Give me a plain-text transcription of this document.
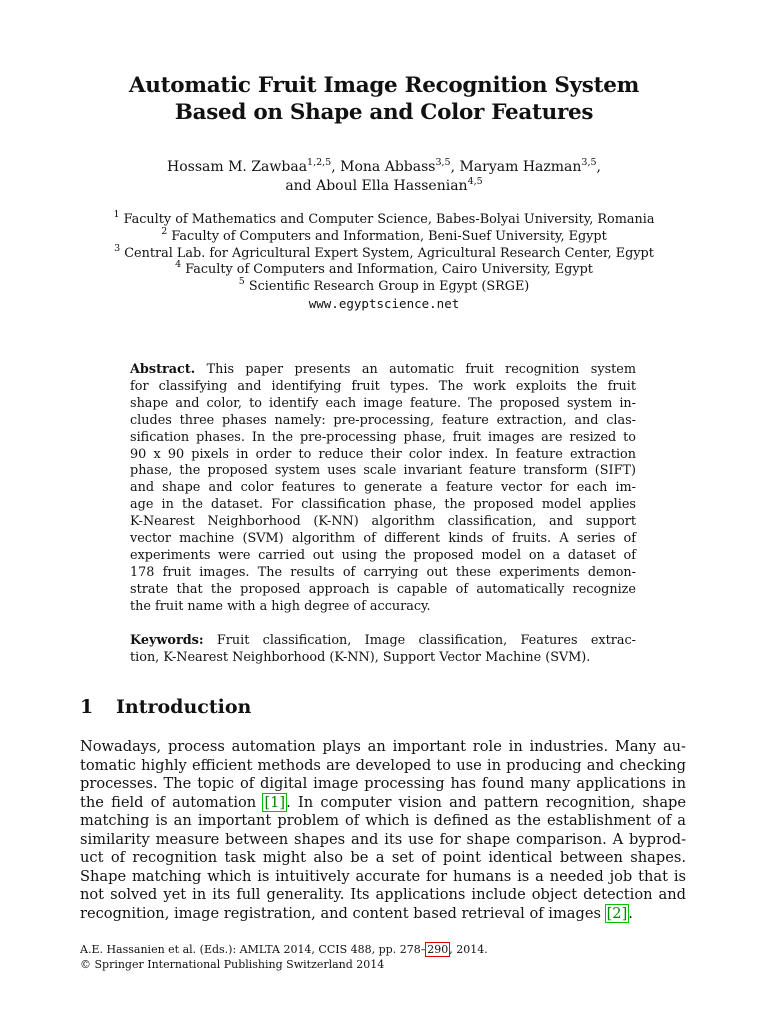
Automatic Fruit Image Recognition System
Based on Shape and Color Features
Hossam M. Zawbaa$^{1,2,5}$, Mona Abbass$^{3,5}$, Maryam Hazman$^{3,5}$,
and Aboul Ella Hassenian$^{4,5}$
$^1$ Faculty of Mathematics and Computer Science, Babes-Bolyai University, Romania
$^2$ Faculty of Computers and Information, Beni-Suef University, Egypt
$^3$ Central Lab. for Agricultural Expert System, Agricultural Research Center, Egypt
$^4$ Faculty of Computers and Information, Cairo University, Egypt
$^5$ Scientific Research Group in Egypt (SRGE)
www.egyptscience.net
Abstract. This paper presents an automatic fruit recognition system
for classifying and identifying fruit types. The work exploits the fruit
shape and color, to identify each image feature. The proposed system in-
cludes three phases namely: pre-processing, feature extraction, and clas-
sification phases. In the pre-processing phase, fruit images are resized to
90 x 90 pixels in order to reduce their color index. In feature extraction
phase, the proposed system uses scale invariant feature transform (SIFT)
and shape and color features to generate a feature vector for each im-
age in the dataset. For classification phase, the proposed model applies
K-Nearest Neighborhood (K-NN) algorithm classification, and support
vector machine (SVM) algorithm of different kinds of fruits. A series of
experiments were carried out using the proposed model on a dataset of
178 fruit images. The results of carrying out these experiments demon-
strate that the proposed approach is capable of automatically recognize
the fruit name with a high degree of accuracy.
Keywords: Fruit classification, Image classification, Features extrac-
tion, K-Nearest Neighborhood (K-NN), Support Vector Machine (SVM).
1 Introduction
Nowadays, process automation plays an important role in industries. Many au-
tomatic highly efficient methods are developed to use in producing and checking
processes. The topic of digital image processing has found many applications in
the field of automation [1]. In computer vision and pattern recognition, shape
matching is an important problem of which is defined as the establishment of a
similarity measure between shapes and its use for shape comparison. A byprod-
uct of recognition task might also be a set of point identical between shapes.
Shape matching which is intuitively accurate for humans is a needed job that is
not solved yet in its full generality. Its applications include object detection and
recognition, image registration, and content based retrieval of images [2].
A.E. Hassanien et al. (Eds.): AMLTA 2014, CCIS 488, pp. 278–290, 2014.
© Springer International Publishing Switzerland 2014
